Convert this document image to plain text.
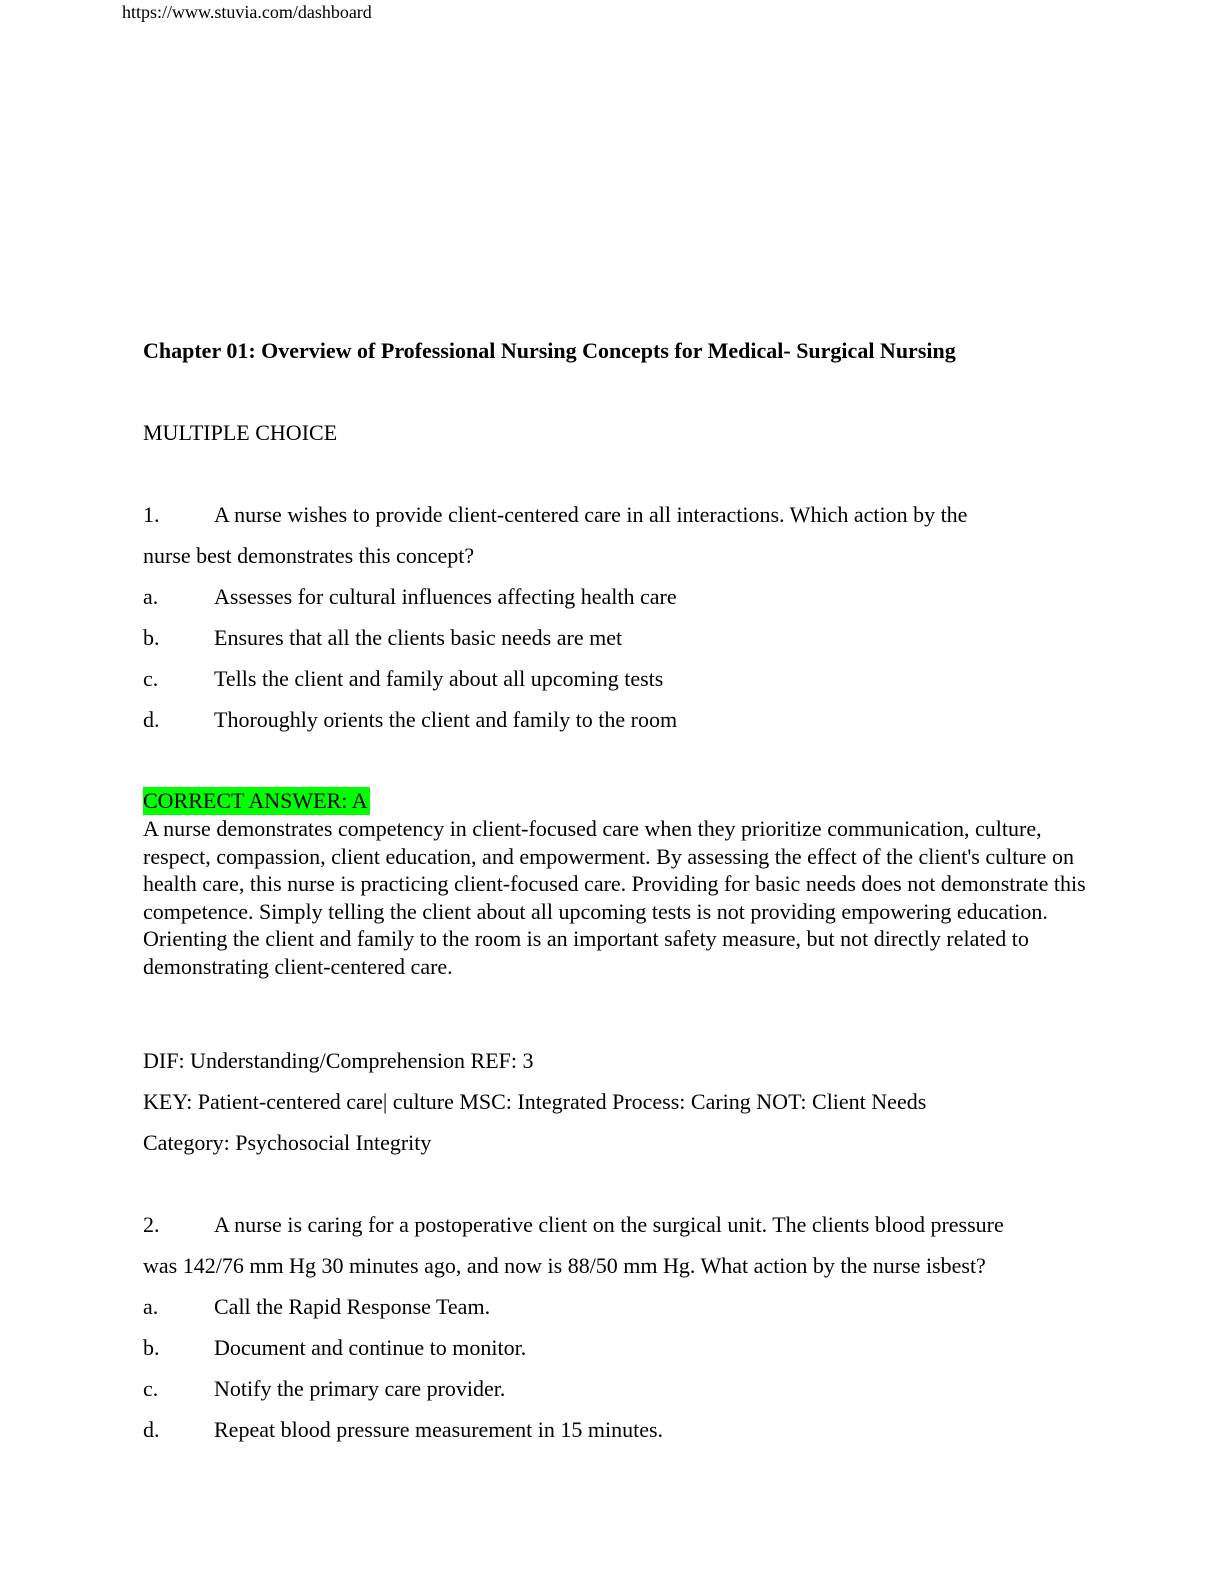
https://www.stuvia.com/dashboard
Chapter 01: Overview of Professional Nursing Concepts for Medical- Surgical Nursing
MULTIPLE CHOICE
1. A nurse wishes to provide client-centered care in all interactions. Which action by the
nurse best demonstrates this concept?
a.	Assesses for cultural influences affecting health care
b. Ensures that all the clients basic needs are met
c.	Tells the client and family about all upcoming tests
d. Thoroughly orients the client and family to the room
CORRECT ANSWER: A

A nurse demonstrates competency in client-focused care when they prioritize communication, culture, respect, compassion, client education, and empowerment. By assessing the effect of the client's culture on health care, this nurse is practicing client-focused care. Providing for basic needs does not demonstrate this competence. Simply telling the client about all upcoming tests is not providing empowering education.

Orienting the client and family to the room is an important safety measure, but not directly related to demonstrating client-centered care.

DIF: Understanding/Comprehension REF: 3
KEY: Patient-centered care| culture MSC: Integrated Process: Caring NOT: Client Needs
Category: Psychosocial Integrity
2. A nurse is caring for a postoperative client on the surgical unit. The clients blood pressure
was 142/76 mm Hg 30 minutes ago, and now is 88/50 mm Hg. What action by the nurse isbest?
a.	Call the Rapid Response Team.
b. Document and continue to monitor.
c.	Notify the primary care provider.
d. Repeat blood pressure measurement in 15 minutes.
